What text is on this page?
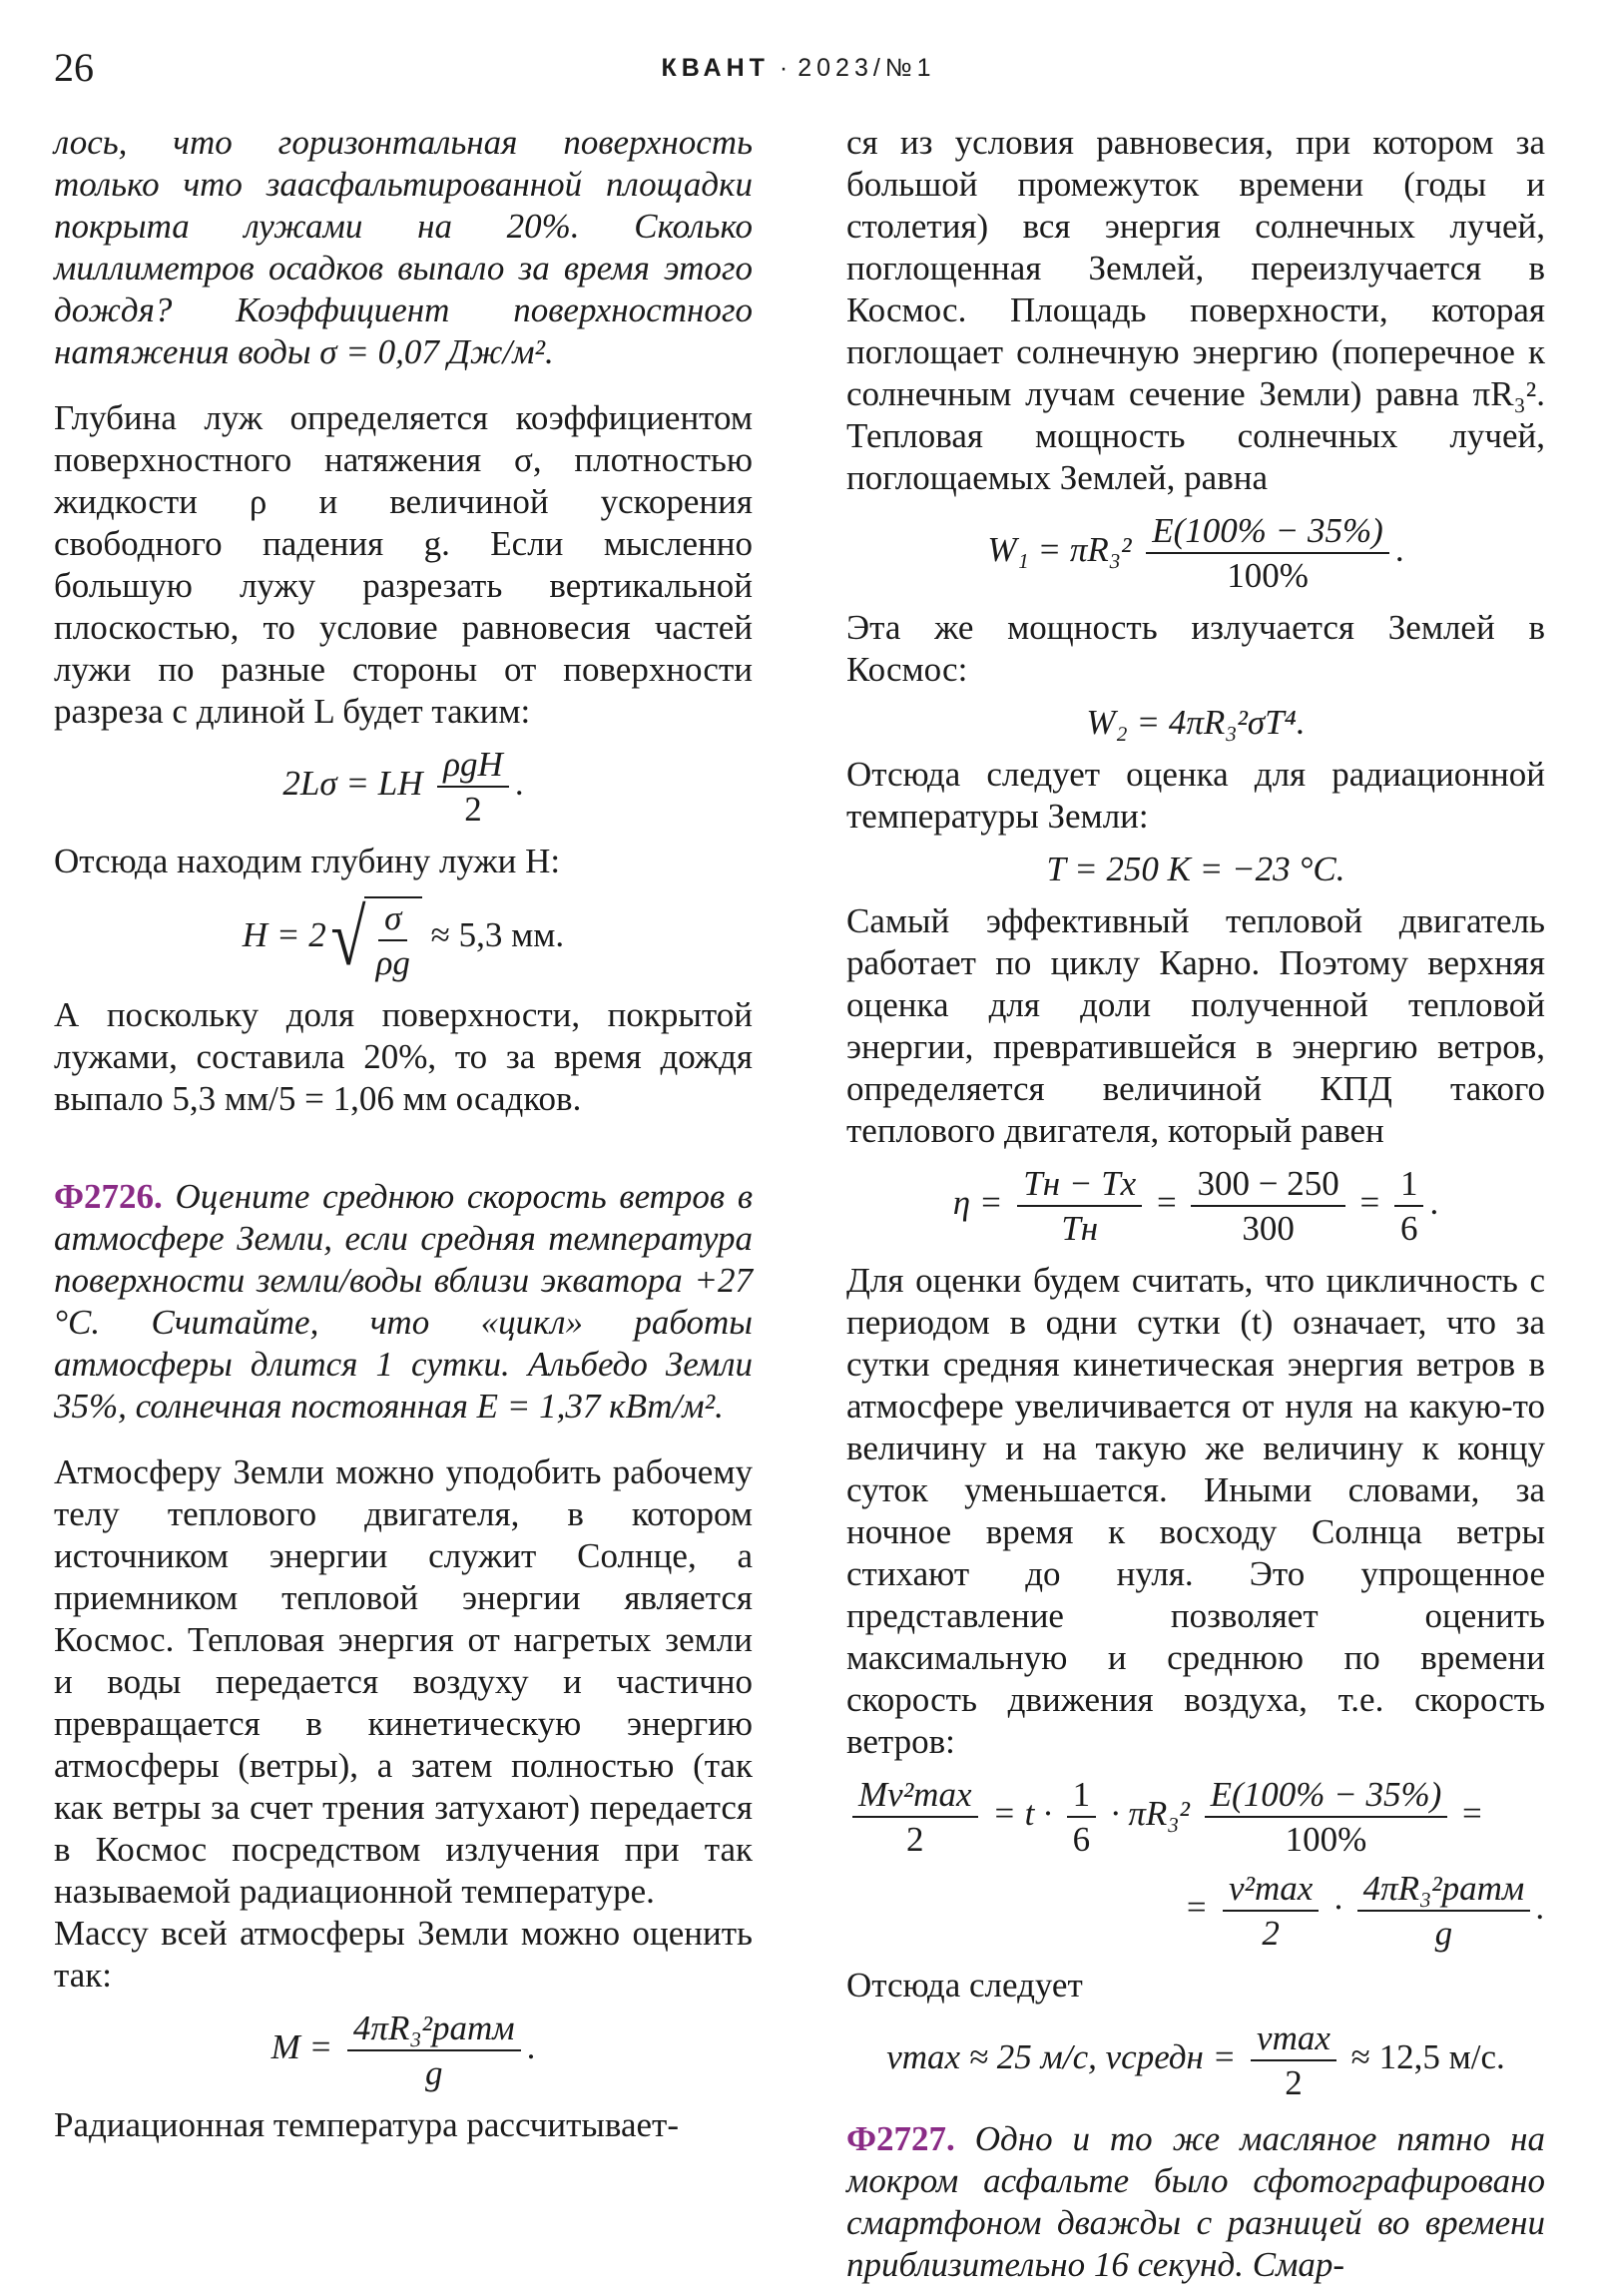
26	КВАНТ · 2023/№1

лось, что горизонтальная поверхность только что заасфальтированной площадки покрыта лужами на 20%. Сколько миллиметров осадков выпало за время этого дождя? Коэффициент поверхностного натяжения воды σ = 0,07 Дж/м².

Глубина луж определяется коэффициентом поверхностного натяжения σ, плотностью жидкости ρ и величиной ускорения свободного падения g. Если мысленно большую лужу разрезать вертикальной плоскостью, то условие равновесия частей лужи по разные стороны от поверхности разреза с длиной L будет таким:

2Lσ = LH $\frac{\text{ρgH}}{2}$ .

Отсюда находим глубину лужи H:

$H = 2√ \frac{\sigma}{\rho g} \approx 5,3$ мм.

А поскольку доля поверхности, покрытой лужами, составила 20%, то за время дождя выпало 5,3 мм/5 = 1,06 мм осадков.

Ф2726. Оцените среднюю скорость ветров в атмосфере Земли, если средняя температура поверхности земли/воды вблизи экватора +27 °С. Считайте, что «цикл» работы атмосферы длится 1 сутки. Альбедо Земли 35%, солнечная постоянная E = 1,37 кВт/м².

Атмосферу Земли можно уподобить рабочему телу теплового двигателя, в котором источником энергии служит Солнце, а приемником тепловой энергии является Космос. Тепловая энергия от нагретых земли и воды передается воздуху и частично превращается в кинетическую энергию атмосферы (ветры), а затем полностью (так как ветры за счет трения затухают) передается в Космос посредством излучения при так называемой радиационной температуре.

Массу всей атмосферы Земли можно оценить так:

$M = \frac{\text{4πR₃²pатм}}{g}$ .

Радиационная температура рассчитывает-

ся из условия равновесия, при котором за большой промежуток времени (годы и столетия) вся энергия солнечных лучей, поглощенная Землей, переизлучается в Космос. Площадь поверхности, которая поглощает солнечную энергию (поперечное к солнечным лучам сечение Земли) равна πR₃². Тепловая мощность солнечных лучей, поглощаемых Землей, равна

$W_1 = \pi R_3^2 \frac{E(100\% - 35\%)}{100\%}$ .

Эта же мощность излучается Землей в Космос:

W₂ = 4πR₃²σT⁴.

Отсюда следует оценка для радиационной температуры Земли:

T = 250 К = −23 °С.

Самый эффективный тепловой двигатель работает по циклу Карно. Поэтому верхняя оценка для доли полученной тепловой энергии, превратившейся в энергию ветров, определяется величиной КПД такого теплового двигателя, который равен

$\eta = \frac{Tн - Tх}{Tн} = \frac{300 - 250}{300} = \frac{1}{6}$ .

Для оценки будем считать, что цикличность с периодом в одни сутки (t) означает, что за сутки средняя кинетическая энергия ветров в атмосфере увеличивается от нуля на какую-то величину и на такую же величину к концу суток уменьшается. Иными словами, за ночное время к восходу Солнца ветры стихают до нуля. Это упрощенное представление позволяет оценить максимальную и среднюю по времени скорость движения воздуха, т.е. скорость ветров:

$\frac{\text{Mv²max}}{2} = t \cdot \frac{1}{6} \cdot \pi R_3^2 \frac{E(100\% - 35\%)}{100\%}$ =
= $\frac{\text{v²max}}{2} \cdot \frac{\text{4πR₃²pатм}}{g}$ .

Отсюда следует

vmax ≈ 25 м/с, vсредн = $\frac{vmax}{2} \approx 12,5$ м/с.

Ф2727. Одно и то же масляное пятно на мокром асфальте было сфотографировано смартфоном дважды с разницей во времени приблизительно 16 секунд. Смар-
